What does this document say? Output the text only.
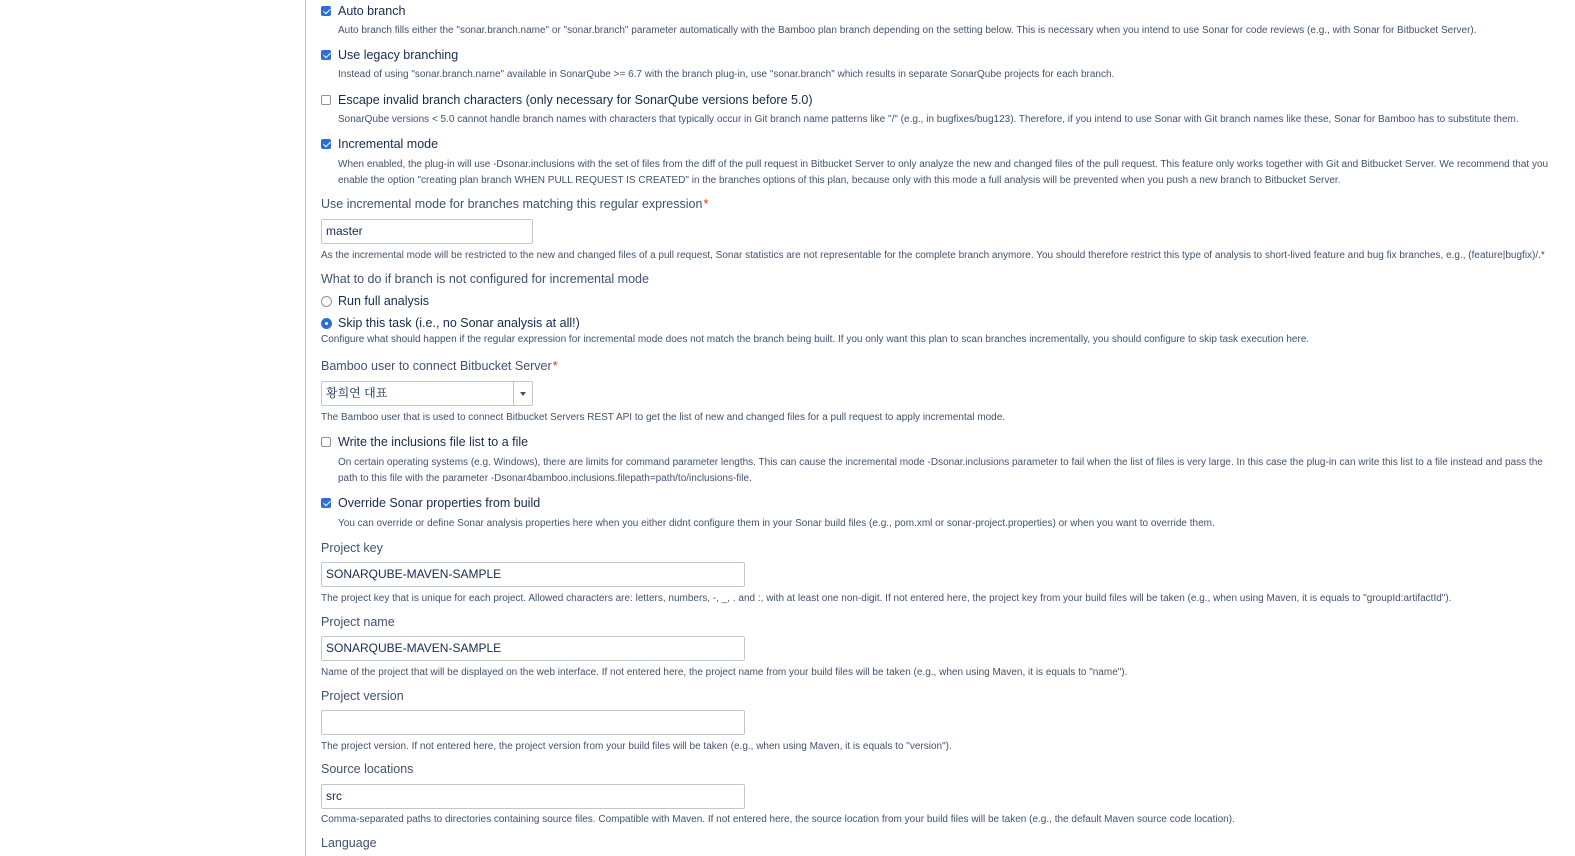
Auto branch
Auto branch fills either the "sonar.branch.name" or "sonar.branch" parameter automatically with the Bamboo plan branch depending on the setting below. This is necessary when you intend to use Sonar for code reviews (e.g., with Sonar for Bitbucket Server).
Use legacy branching
Instead of using "sonar.branch.name" available in SonarQube >= 6.7 with the branch plug-in, use "sonar.branch" which results in separate SonarQube projects for each branch.
Escape invalid branch characters (only necessary for SonarQube versions before 5.0)
SonarQube versions < 5.0 cannot handle branch names with characters that typically occur in Git branch name patterns like "/" (e.g., in bugfixes/bug123). Therefore, if you intend to use Sonar with Git branch names like these, Sonar for Bamboo has to substitute them.
Incremental mode
When enabled, the plug-in will use -Dsonar.inclusions with the set of files from the diff of the pull request in Bitbucket Server to only analyze the new and changed files of the pull request. This feature only works together with Git and Bitbucket Server. We recommend that you enable the option "creating plan branch WHEN PULL REQUEST IS CREATED" in the branches options of this plan, because only with this mode a full analysis will be prevented when you push a new branch to Bitbucket Server.
Use incremental mode for branches matching this regular expression*
master
As the incremental mode will be restricted to the new and changed files of a pull request, Sonar statistics are not representable for the complete branch anymore. You should therefore restrict this type of analysis to short-lived feature and bug fix branches, e.g., (feature|bugfix)/.*
What to do if branch is not configured for incremental mode
Run full analysis
Skip this task (i.e., no Sonar analysis at all!)
Configure what should happen if the regular expression for incremental mode does not match the branch being built. If you only want this plan to scan branches incrementally, you should configure to skip task execution here.
Bamboo user to connect Bitbucket Server*
황희연 대표
The Bamboo user that is used to connect Bitbucket Servers REST API to get the list of new and changed files for a pull request to apply incremental mode.
Write the inclusions file list to a file
On certain operating systems (e.g. Windows), there are limits for command parameter lengths. This can cause the incremental mode -Dsonar.inclusions parameter to fail when the list of files is very large. In this case the plug-in can write this list to a file instead and pass the path to this file with the parameter -Dsonar4bamboo.inclusions.filepath=path/to/inclusions-file.
Override Sonar properties from build
You can override or define Sonar analysis properties here when you either didnt configure them in your Sonar build files (e.g., pom.xml or sonar-project.properties) or when you want to override them.
Project key
SONARQUBE-MAVEN-SAMPLE
The project key that is unique for each project. Allowed characters are: letters, numbers, -, _, . and :, with at least one non-digit. If not entered here, the project key from your build files will be taken (e.g., when using Maven, it is equals to "groupId:artifactId").
Project name
SONARQUBE-MAVEN-SAMPLE
Name of the project that will be displayed on the web interface. If not entered here, the project name from your build files will be taken (e.g., when using Maven, it is equals to "name").
Project version
The project version. If not entered here, the project version from your build files will be taken (e.g., when using Maven, it is equals to "version").
Source locations
src
Comma-separated paths to directories containing source files. Compatible with Maven. If not entered here, the source location from your build files will be taken (e.g., the default Maven source code location).
Language
